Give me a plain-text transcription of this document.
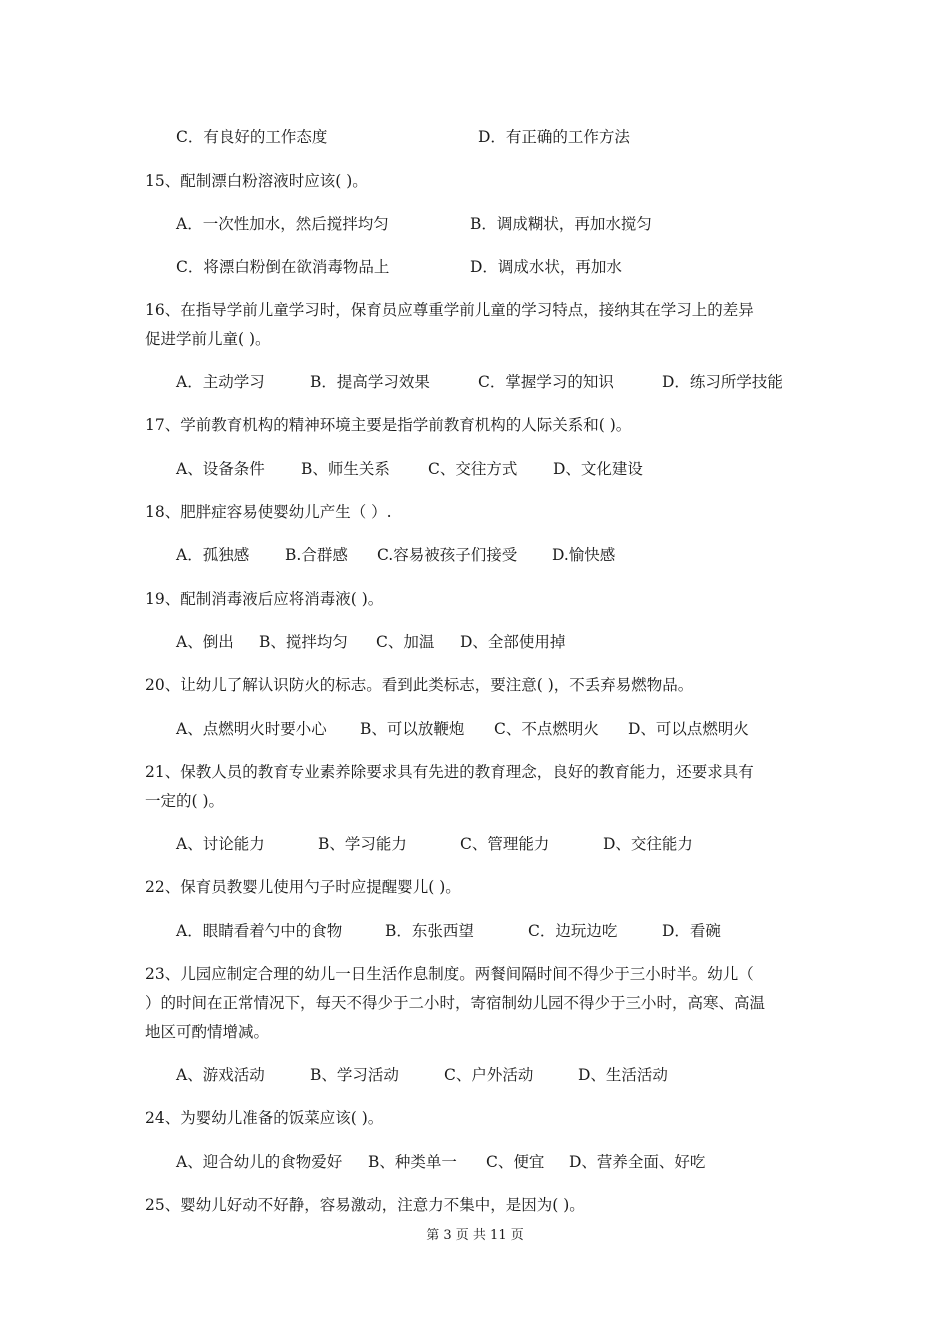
C．有良好的工作态度	D．有正确的工作方法
15、配制漂白粉溶液时应该( )。
A．一次性加水，然后搅拌均匀	B．调成糊状，再加水搅匀
C．将漂白粉倒在欲消毒物品上	D．调成水状，再加水
16、在指导学前儿童学习时，保育员应尊重学前儿童的学习特点，接纳其在学习上的差异
促进学前儿童( )。
A．主动学习	B．提高学习效果	C．掌握学习的知识	D．练习所学技能
17、学前教育机构的精神环境主要是指学前教育机构的人际关系和( )。
A、设备条件 B、师生关系 C、交往方式 D、文化建设
18、肥胖症容易使婴幼儿产生（ ）.
A．孤独感 B.合群感 C.容易被孩子们接受 D.愉快感
19、配制消毒液后应将消毒液( )。
A、倒出 B、搅拌均匀 C、加温 D、全部使用掉
20、让幼儿了解认识防火的标志。看到此类标志，要注意( )，不丢弃易燃物品。
A、点燃明火时要小心 B、可以放鞭炮 C、不点燃明火 D、可以点燃明火
21、保教人员的教育专业素养除要求具有先进的教育理念，良好的教育能力，还要求具有
一定的( )。
A、讨论能力	B、学习能力	C、管理能力	D、交往能力
22、保育员教婴儿使用勺子时应提醒婴儿( )。
A．眼睛看着勺中的食物	B．东张西望	C．边玩边吃	D．看碗
23、儿园应制定合理的幼儿一日生活作息制度。两餐间隔时间不得少于三小时半。幼儿（
）的时间在正常情况下，每天不得少于二小时，寄宿制幼儿园不得少于三小时，高寒、高温
地区可酌情增减。
A、游戏活动	B、学习活动	C、户外活动	D、生活活动
24、为婴幼儿准备的饭菜应该( )。
A、迎合幼儿的食物爱好 B、种类单一 C、便宜 D、营养全面、好吃
25、婴幼儿好动不好静，容易激动，注意力不集中，是因为( )。
第 3 页 共 11 页
